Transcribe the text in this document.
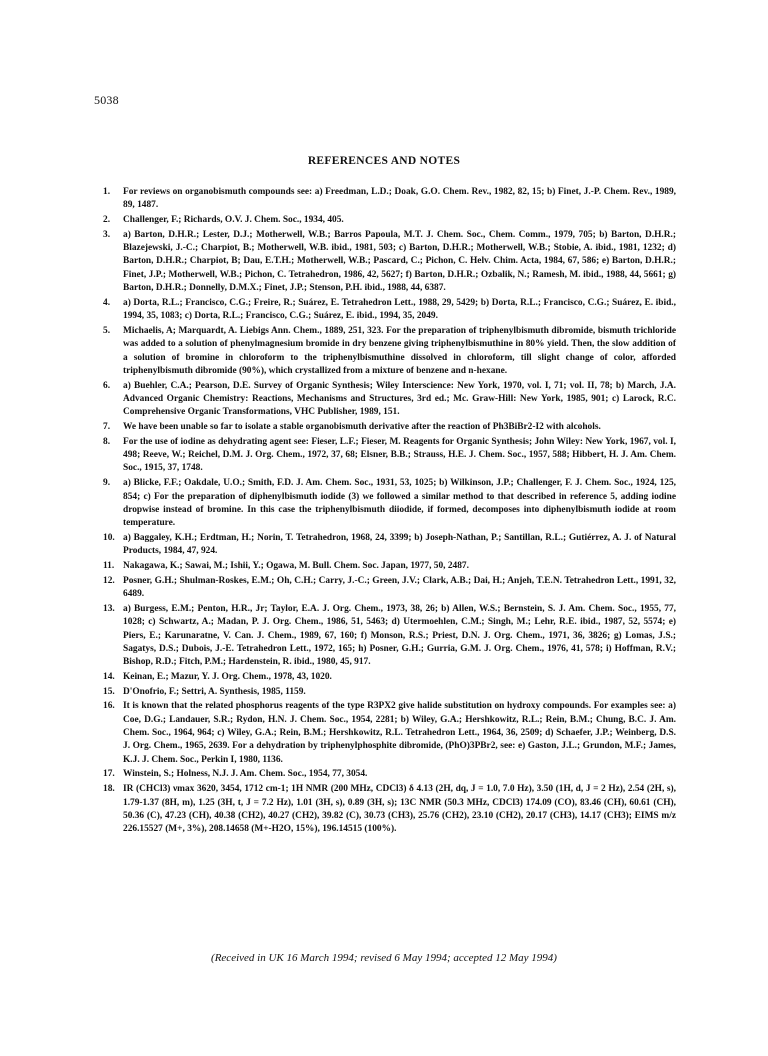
5038
REFERENCES AND NOTES
1. For reviews on organobismuth compounds see: a) Freedman, L.D.; Doak, G.O. Chem. Rev., 1982, 82, 15; b) Finet, J.-P. Chem. Rev., 1989, 89, 1487.
2. Challenger, F.; Richards, O.V. J. Chem. Soc., 1934, 405.
3. a) Barton, D.H.R.; Lester, D.J.; Motherwell, W.B.; Barros Papoula, M.T. J. Chem. Soc., Chem. Comm., 1979, 705; b) Barton, D.H.R.; Blazejewski, J.-C.; Charpiot, B.; Motherwell, W.B. ibid., 1981, 503; c) Barton, D.H.R.; Motherwell, W.B.; Stobie, A. ibid., 1981, 1232; d) Barton, D.H.R.; Charpiot, B; Dau, E.T.H.; Motherwell, W.B.; Pascard, C.; Pichon, C. Helv. Chim. Acta, 1984, 67, 586; e) Barton, D.H.R.; Finet, J.P.; Motherwell, W.B.; Pichon, C. Tetrahedron, 1986, 42, 5627; f) Barton, D.H.R.; Ozbalik, N.; Ramesh, M. ibid., 1988, 44, 5661; g) Barton, D.H.R.; Donnelly, D.M.X.; Finet, J.P.; Stenson, P.H. ibid., 1988, 44, 6387.
4. a) Dorta, R.L.; Francisco, C.G.; Freire, R.; Suárez, E. Tetrahedron Lett., 1988, 29, 5429; b) Dorta, R.L.; Francisco, C.G.; Suárez, E. ibid., 1994, 35, 1083; c) Dorta, R.L.; Francisco, C.G.; Suárez, E. ibid., 1994, 35, 2049.
5. Michaelis, A; Marquardt, A. Liebigs Ann. Chem., 1889, 251, 323. For the preparation of triphenylbismuth dibromide, bismuth trichloride was added to a solution of phenylmagnesium bromide in dry benzene giving triphenylbismuthine in 80% yield. Then, the slow addition of a solution of bromine in chloroform to the triphenylbismuthine dissolved in chloroform, till slight change of color, afforded triphenylbismuth dibromide (90%), which crystallized from a mixture of benzene and n-hexane.
6. a) Buehler, C.A.; Pearson, D.E. Survey of Organic Synthesis; Wiley Interscience: New York, 1970, vol. I, 71; vol. II, 78; b) March, J.A. Advanced Organic Chemistry: Reactions, Mechanisms and Structures, 3rd ed.; Mc. Graw-Hill: New York, 1985, 901; c) Larock, R.C. Comprehensive Organic Transformations, VHC Publisher, 1989, 151.
7. We have been unable so far to isolate a stable organobismuth derivative after the reaction of Ph3BiBr2-I2 with alcohols.
8. For the use of iodine as dehydrating agent see: Fieser, L.F.; Fieser, M. Reagents for Organic Synthesis; John Wiley: New York, 1967, vol. I, 498; Reeve, W.; Reichel, D.M. J. Org. Chem., 1972, 37, 68; Elsner, B.B.; Strauss, H.E. J. Chem. Soc., 1957, 588; Hibbert, H. J. Am. Chem. Soc., 1915, 37, 1748.
9. a) Blicke, F.F.; Oakdale, U.O.; Smith, F.D. J. Am. Chem. Soc., 1931, 53, 1025; b) Wilkinson, J.P.; Challenger, F. J. Chem. Soc., 1924, 125, 854; c) For the preparation of diphenylbismuth iodide (3) we followed a similar method to that described in reference 5, adding iodine dropwise instead of bromine. In this case the triphenylbismuth diiodide, if formed, decomposes into diphenylbismuth iodide at room temperature.
10. a) Baggaley, K.H.; Erdtman, H.; Norin, T. Tetrahedron, 1968, 24, 3399; b) Joseph-Nathan, P.; Santillan, R.L.; Gutiérrez, A. J. of Natural Products, 1984, 47, 924.
11. Nakagawa, K.; Sawai, M.; Ishii, Y.; Ogawa, M. Bull. Chem. Soc. Japan, 1977, 50, 2487.
12. Posner, G.H.; Shulman-Roskes, E.M.; Oh, C.H.; Carry, J.-C.; Green, J.V.; Clark, A.B.; Dai, H.; Anjeh, T.E.N. Tetrahedron Lett., 1991, 32, 6489.
13. a) Burgess, E.M.; Penton, H.R., Jr; Taylor, E.A. J. Org. Chem., 1973, 38, 26; b) Allen, W.S.; Bernstein, S. J. Am. Chem. Soc., 1955, 77, 1028; c) Schwartz, A.; Madan, P. J. Org. Chem., 1986, 51, 5463; d) Utermoehlen, C.M.; Singh, M.; Lehr, R.E. ibid., 1987, 52, 5574; e) Piers, E.; Karunaratne, V. Can. J. Chem., 1989, 67, 160; f) Monson, R.S.; Priest, D.N. J. Org. Chem., 1971, 36, 3826; g) Lomas, J.S.; Sagatys, D.S.; Dubois, J.-E. Tetrahedron Lett., 1972, 165; h) Posner, G.H.; Gurria, G.M. J. Org. Chem., 1976, 41, 578; i) Hoffman, R.V.; Bishop, R.D.; Fitch, P.M.; Hardenstein, R. ibid., 1980, 45, 917.
14. Keinan, E.; Mazur, Y. J. Org. Chem., 1978, 43, 1020.
15. D'Onofrio, F.; Settri, A. Synthesis, 1985, 1159.
16. It is known that the related phosphorus reagents of the type R3PX2 give halide substitution on hydroxy compounds. For examples see: a) Coe, D.G.; Landauer, S.R.; Rydon, H.N. J. Chem. Soc., 1954, 2281; b) Wiley, G.A.; Hershkowitz, R.L.; Rein, B.M.; Chung, B.C. J. Am. Chem. Soc., 1964, 964; c) Wiley, G.A.; Rein, B.M.; Hershkowitz, R.L. Tetrahedron Lett., 1964, 36, 2509; d) Schaefer, J.P.; Weinberg, D.S. J. Org. Chem., 1965, 2639. For a dehydration by triphenylphosphite dibromide, (PhO)3PBr2, see: e) Gaston, J.L.; Grundon, M.F.; James, K.J. J. Chem. Soc., Perkin I, 1980, 1136.
17. Winstein, S.; Holness, N.J. J. Am. Chem. Soc., 1954, 77, 3054.
18. IR (CHCl3) νmax 3620, 3454, 1712 cm-1; 1H NMR (200 MHz, CDCl3) δ 4.13 (2H, dq, J = 1.0, 7.0 Hz), 3.50 (1H, d, J = 2 Hz), 2.54 (2H, s), 1.79-1.37 (8H, m), 1.25 (3H, t, J = 7.2 Hz), 1.01 (3H, s), 0.89 (3H, s); 13C NMR (50.3 MHz, CDCl3) 174.09 (CO), 83.46 (CH), 60.61 (CH), 50.36 (C), 47.23 (CH), 40.38 (CH2), 40.27 (CH2), 39.82 (C), 30.73 (CH3), 25.76 (CH2), 23.10 (CH2), 20.17 (CH3), 14.17 (CH3); EIMS m/z 226.15527 (M+, 3%), 208.14658 (M+-H2O, 15%), 196.14515 (100%).
(Received in UK 16 March 1994; revised 6 May 1994; accepted 12 May 1994)
